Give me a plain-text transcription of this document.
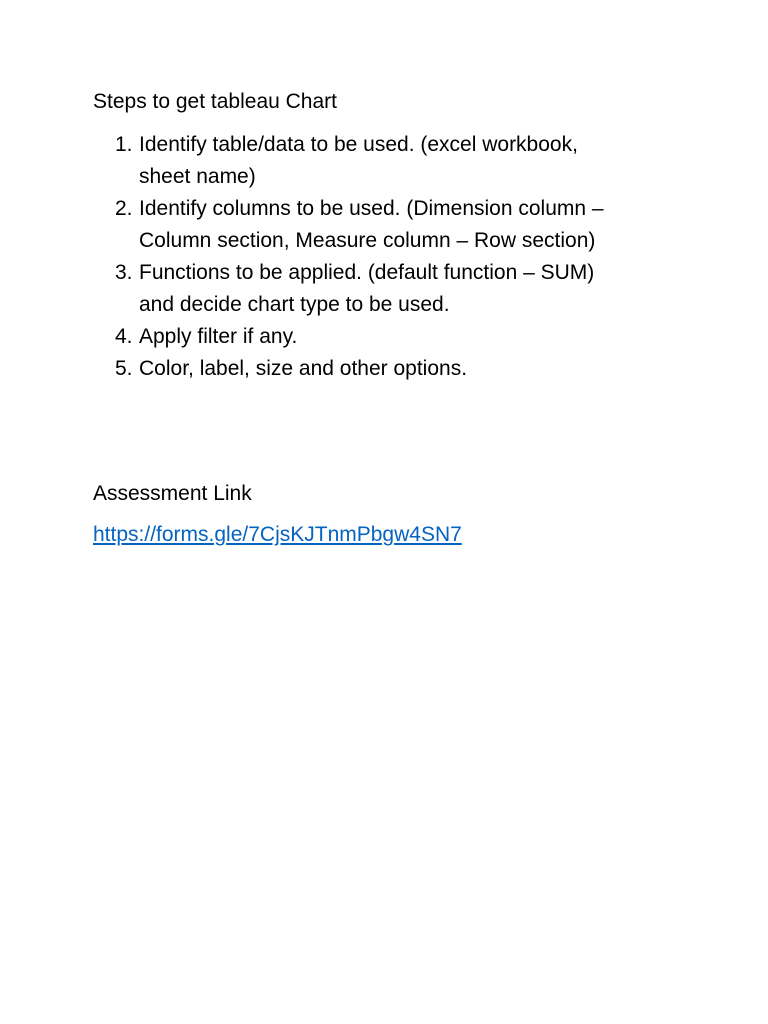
Steps to get tableau Chart

1. Identify table/data to be used. (excel workbook,
sheet name)
2. Identify columns to be used. (Dimension column –
Column section, Measure column – Row section)
3. Functions to be applied. (default function – SUM)
and decide chart type to be used.
4. Apply filter if any.
5. Color, label, size and other options.

Assessment Link

https://forms.gle/7CjsKJTnmPbgw4SN7
